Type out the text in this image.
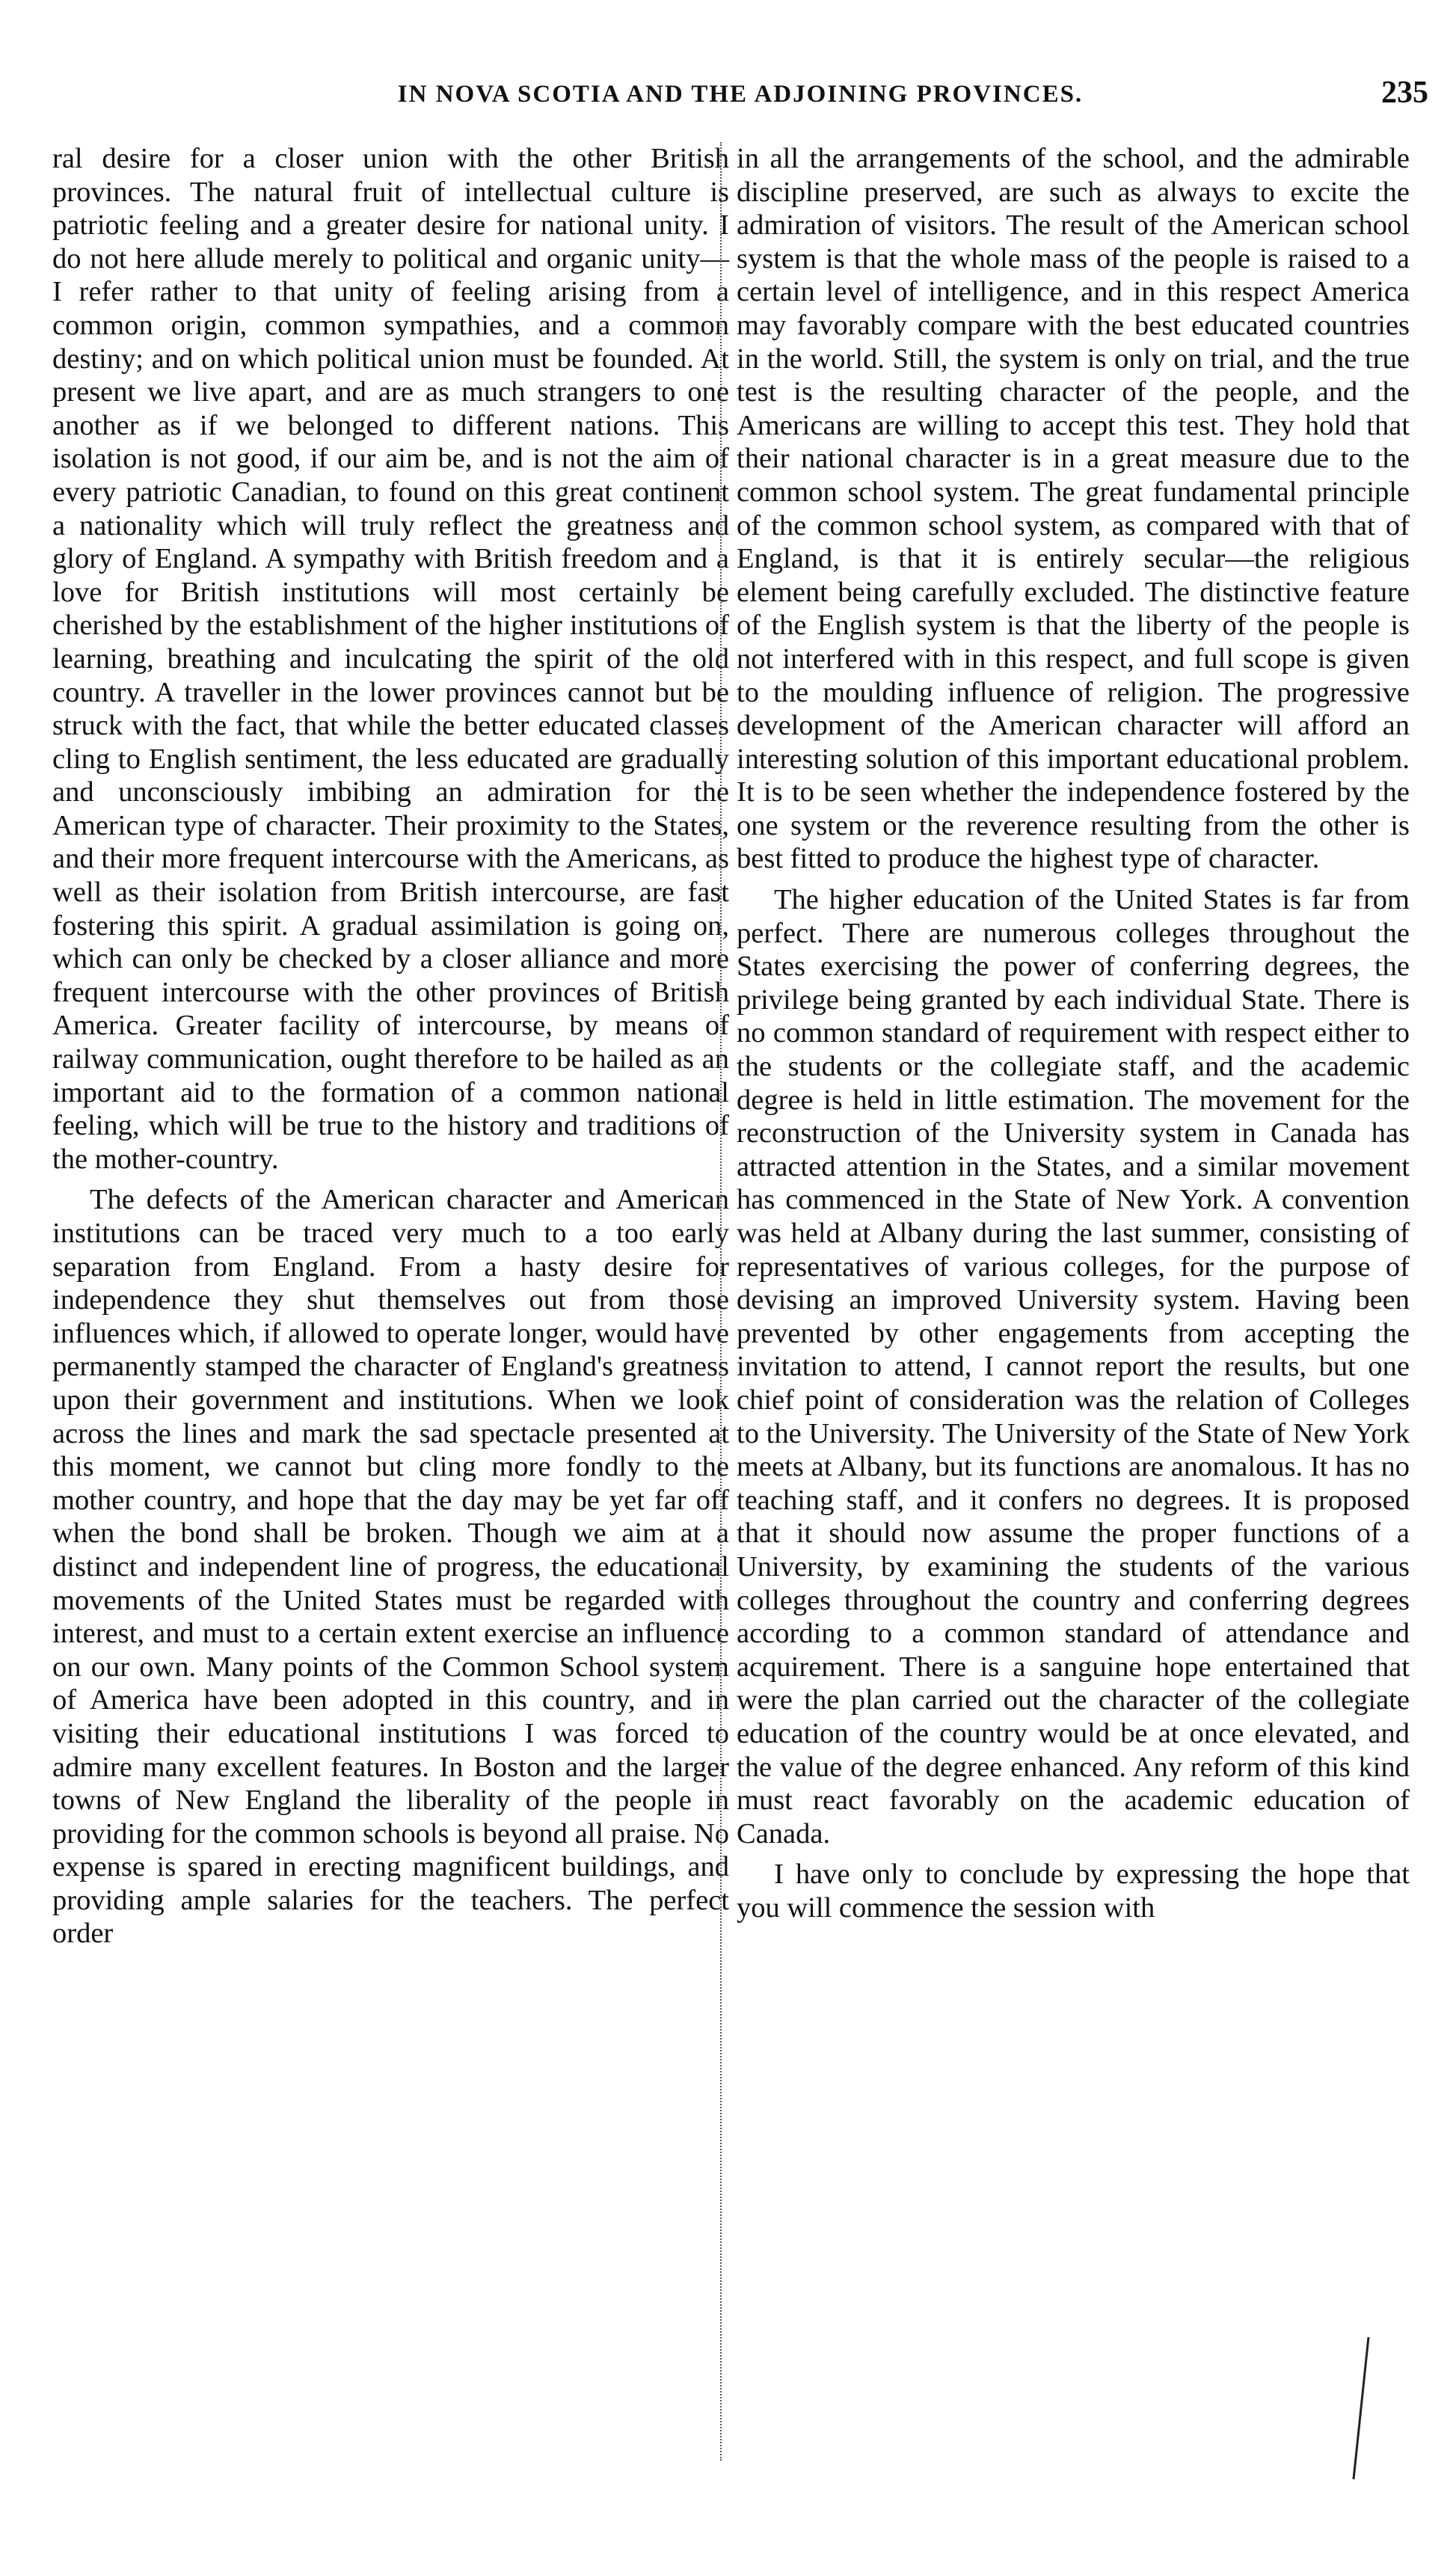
IN NOVA SCOTIA AND THE ADJOINING PROVINCES.	235

ral desire for a closer union with the other British provinces. The natural fruit of intellectual culture is patriotic feeling and a greater desire for national unity. I do not here allude merely to political and organic unity— I refer rather to that unity of feeling arising from a common origin, common sympathies, and a common destiny; and on which political union must be founded. At present we live apart, and are as much strangers to one another as if we belonged to different nations. This isolation is not good, if our aim be, and is not the aim of every patriotic Canadian, to found on this great continent a nationality which will truly reflect the greatness and glory of England. A sympathy with British freedom and a love for British institutions will most certainly be cherished by the establishment of the higher institutions of learning, breathing and inculcating the spirit of the old country. A traveller in the lower provinces cannot but be struck with the fact, that while the better educated classes cling to English sentiment, the less educated are gradually and unconsciously imbibing an admiration for the American type of character. Their proximity to the States, and their more frequent intercourse with the Americans, as well as their isolation from British intercourse, are fast fostering this spirit. A gradual assimilation is going on, which can only be checked by a closer alliance and more frequent intercourse with the other provinces of British America. Greater facility of intercourse, by means of railway communication, ought therefore to be hailed as an important aid to the formation of a common national feeling, which will be true to the history and traditions of the mother-country.

The defects of the American character and American institutions can be traced very much to a too early separation from England. From a hasty desire for independence they shut themselves out from those influences which, if allowed to operate longer, would have permanently stamped the character of England's greatness upon their government and institutions. When we look across the lines and mark the sad spectacle presented at this moment, we cannot but cling more fondly to the mother country, and hope that the day may be yet far off when the bond shall be broken. Though we aim at a distinct and independent line of progress, the educational movements of the United States must be regarded with interest, and must to a certain extent exercise an influence on our own. Many points of the Common School system of America have been adopted in this country, and in visiting their educational institutions I was forced to admire many excellent features. In Boston and the larger towns of New England the liberality of the people in providing for the common schools is beyond all praise. No expense is spared in erecting magnificent buildings, and providing ample salaries for the teachers. The perfect order

in all the arrangements of the school, and the admirable discipline preserved, are such as always to excite the admiration of visitors. The result of the American school system is that the whole mass of the people is raised to a certain level of intelligence, and in this respect America may favorably compare with the best educated countries in the world. Still, the system is only on trial, and the true test is the resulting character of the people, and the Americans are willing to accept this test. They hold that their national character is in a great measure due to the common school system. The great fundamental principle of the common school system, as compared with that of England, is that it is entirely secular—the religious element being carefully excluded. The distinctive feature of the English system is that the liberty of the people is not interfered with in this respect, and full scope is given to the moulding influence of religion. The progressive development of the American character will afford an interesting solution of this important educational problem. It is to be seen whether the independence fostered by the one system or the reverence resulting from the other is best fitted to produce the highest type of character.

The higher education of the United States is far from perfect. There are numerous colleges throughout the States exercising the power of conferring degrees, the privilege being granted by each individual State. There is no common standard of requirement with respect either to the students or the collegiate staff, and the academic degree is held in little estimation. The movement for the reconstruction of the University system in Canada has attracted attention in the States, and a similar movement has commenced in the State of New York. A convention was held at Albany during the last summer, consisting of representatives of various colleges, for the purpose of devising an improved University system. Having been prevented by other engagements from accepting the invitation to attend, I cannot report the results, but one chief point of consideration was the relation of Colleges to the University. The University of the State of New York meets at Albany, but its functions are anomalous. It has no teaching staff, and it confers no degrees. It is proposed that it should now assume the proper functions of a University, by examining the students of the various colleges throughout the country and conferring degrees according to a common standard of attendance and acquirement. There is a sanguine hope entertained that were the plan carried out the character of the collegiate education of the country would be at once elevated, and the value of the degree enhanced. Any reform of this kind must react favorably on the academic education of Canada.

I have only to conclude by expressing the hope that you will commence the session with
